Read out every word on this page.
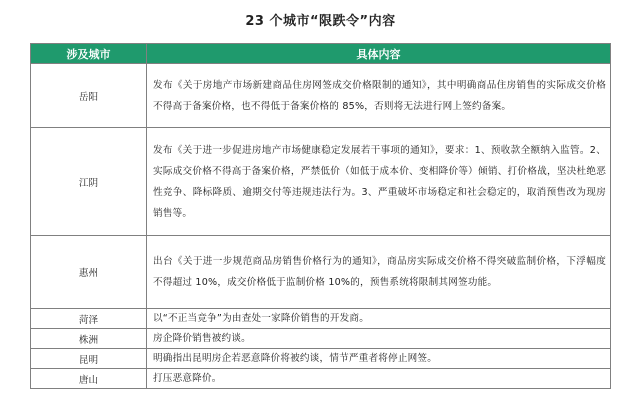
23 个城市“限跌令”内容
涉及城市	具体内容
岳阳	发布《关于房地产市场新建商品住房网签成交价格限制的通知》，其中明确商品住房销售的实际成交价格不得高于备案价格，也不得低于备案价格的 85%，否则将无法进行网上签约备案。
江阴	发布《关于进一步促进房地产市场健康稳定发展若干事项的通知》，要求：1、预收款全额纳入监管。2、实际成交价格不得高于备案价格，严禁低价（如低于成本价、变相降价等）倾销、打价格战，坚决杜绝恶性竞争、降标降质、逾期交付等违规违法行为。3、严重破坏市场稳定和社会稳定的，取消预售改为现房销售等。
惠州	出台《关于进一步规范商品房销售价格行为的通知》，商品房实际成交价格不得突破监制价格，下浮幅度不得超过 10%，成交价格低于监制价格 10%的，预售系统将限制其网签功能。
菏泽	以“不正当竞争”为由查处一家降价销售的开发商。
株洲	房企降价销售被约谈。
昆明	明确指出昆明房企若恶意降价将被约谈，情节严重者将停止网签。
唐山	打压恶意降价。
